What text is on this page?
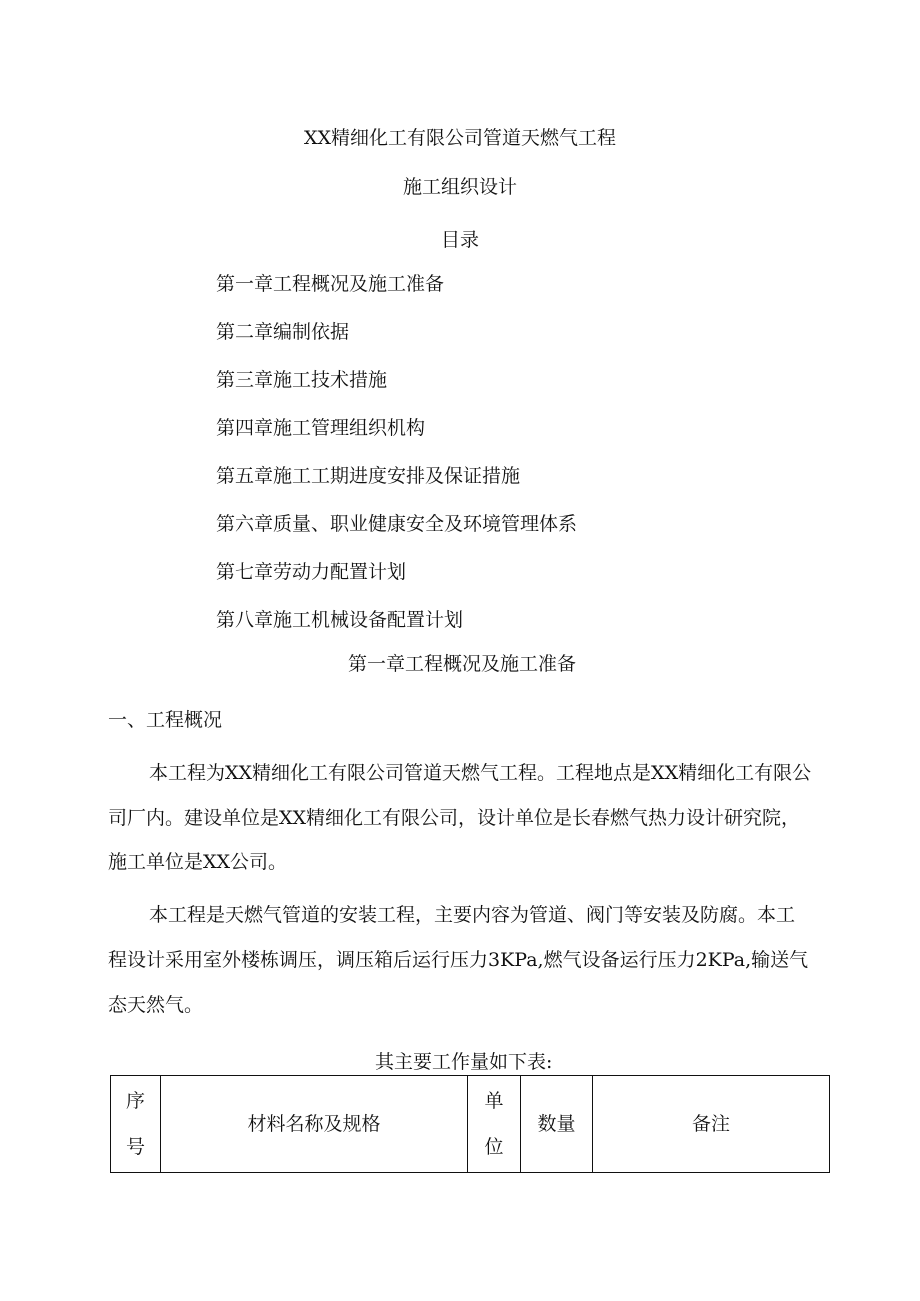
XX精细化工有限公司管道天燃气工程
施工组织设计
目录
第一章工程概况及施工准备
第二章编制依据
第三章施工技术措施
第四章施工管理组织机构
第五章施工工期进度安排及保证措施
第六章质量、职业健康安全及环境管理体系
第七章劳动力配置计划
第八章施工机械设备配置计划
第一章工程概况及施工准备
一、工程概况
本工程为XX精细化工有限公司管道天燃气工程。工程地点是XX精细化工有限公
司厂内。建设单位是XX精细化工有限公司，设计单位是长春燃气热力设计研究院，
施工单位是XX公司。
本工程是天燃气管道的安装工程，主要内容为管道、阀门等安装及防腐。本工
程设计采用室外楼栋调压，调压箱后运行压力3KPa,燃气设备运行压力2KPa,输送气
态天然气。
其主要工作量如下表:
序
号
	材料名称及规格	
单
位
	数量	备注
